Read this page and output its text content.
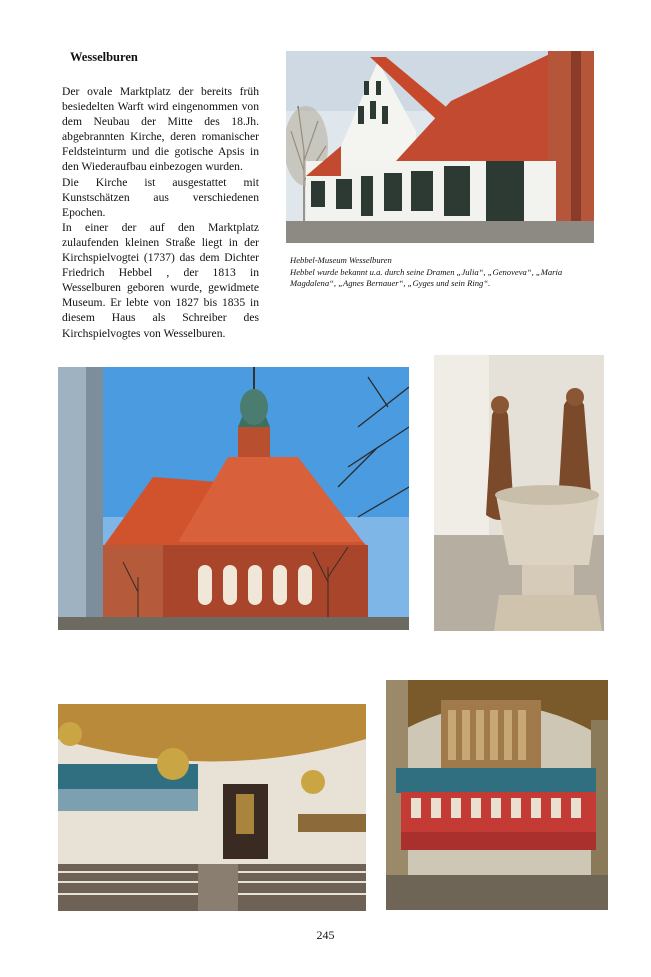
Wesselburen

Der ovale Marktplatz der bereits früh besiedelten Warft wird eingenommen von dem Neubau der Mitte des 18.Jh. abgebrannten Kirche, deren romanischer Feldsteinturm und die gotische Apsis in den Wiederaufbau einbezogen wurden.

Die Kirche ist ausgestattet mit Kunstschätzen aus verschiedenen Epochen.

In einer der auf den Marktplatz zulaufenden kleinen Straße liegt in der Kirchspielvogtei (1737) das dem Dichter Friedrich Hebbel , der 1813 in Wesselburen geboren wurde, gewidmete Museum. Er lebte von 1827 bis 1835 in diesem Haus als Schreiber des Kirchspielvogtes von Wesselburen.

Hebbel-Museum Wesselburen

Hebbel wurde bekannt u.a. durch seine Dramen „Julia“, „Genoveva“, „Maria Magdalena“, „Agnes Bernauer“, „Gyges und sein Ring“.

245
